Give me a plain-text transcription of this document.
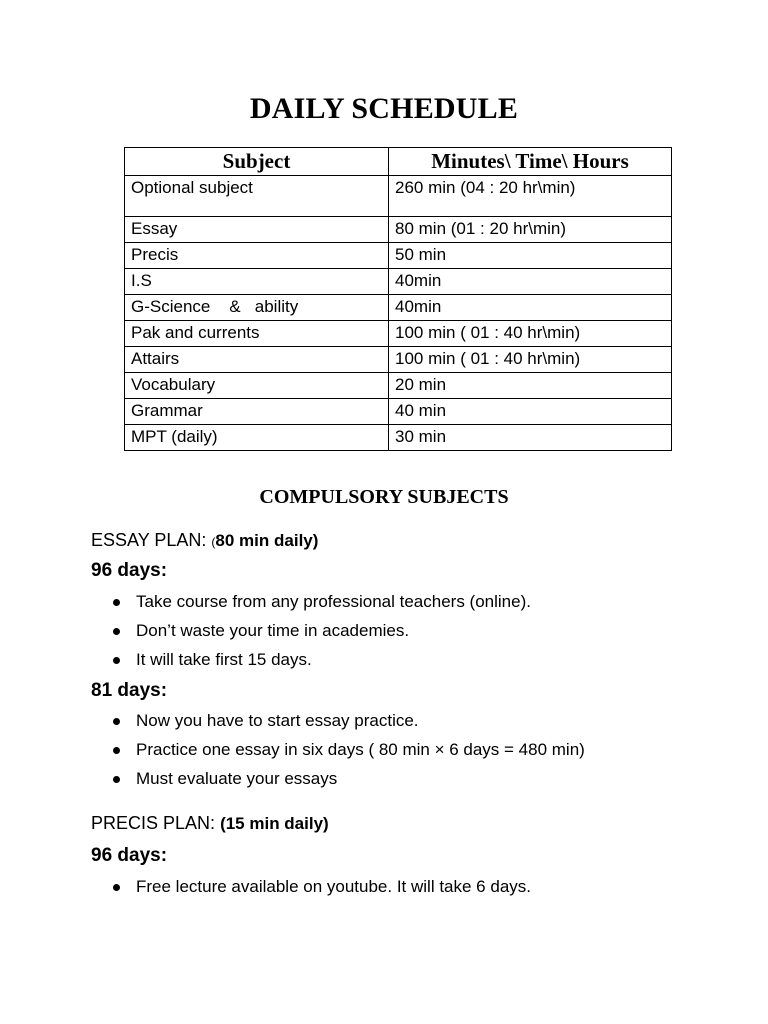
DAILY SCHEDULE
Subject	Minutes\ Time\ Hours
Optional subject	260 min (04 : 20 hr\min)
Essay	80 min (01 : 20 hr\min)
Precis	50 min
I.S	40min
G-Science    &   ability	40min
Pak and currents	100 min ( 01 : 40 hr\min)
Attairs	100 min ( 01 : 40 hr\min)
Vocabulary	20 min
Grammar	40 min
MPT (daily)	30 min
COMPULSORY SUBJECTS
ESSAY PLAN: (80 min daily)
96 days:
Take course from any professional teachers (online).
Don’t waste your time in academies.
It will take first 15 days.
81 days:
Now you have to start essay practice.
Practice one essay in six days ( 80 min × 6 days = 480 min)
Must evaluate your essays
PRECIS PLAN: (15 min daily)
96 days:
Free lecture available on youtube. It will take 6 days.
